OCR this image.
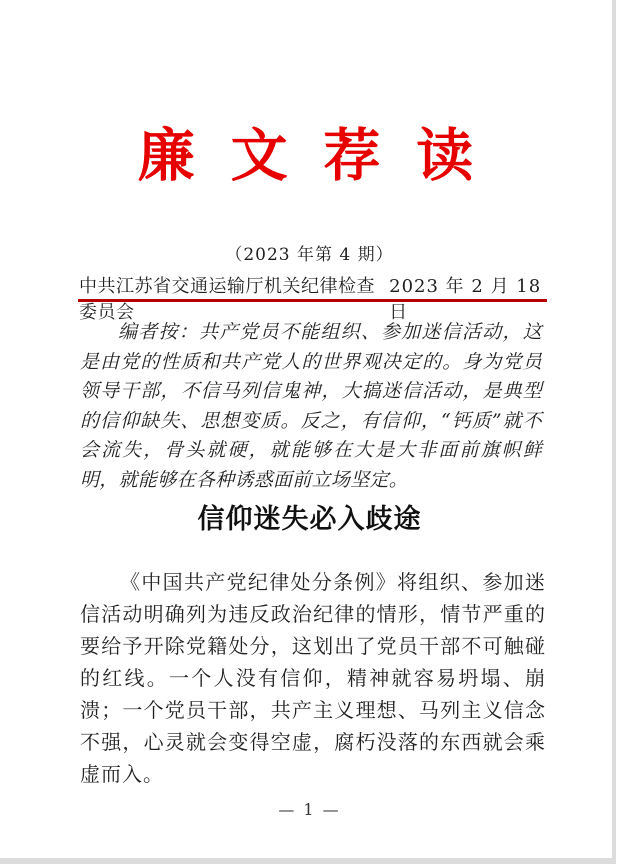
廉 文 荐 读
（2023 年第 4 期）
中共江苏省交通运输厅机关纪律检查委员会
2023 年 2 月 18 日

编者按：共产党员不能组织、参加迷信活动，这是由党的性质和共产党人的世界观决定的。身为党员领导干部，不信马列信鬼神，大搞迷信活动，是典型的信仰缺失、思想变质。反之，有信仰，“钙质”就不会流失，骨头就硬，就能够在大是大非面前旗帜鲜明，就能够在各种诱惑面前立场坚定。

信仰迷失必入歧途

《中国共产党纪律处分条例》将组织、参加迷信活动明确列为违反政治纪律的情形，情节严重的要给予开除党籍处分，这划出了党员干部不可触碰的红线。一个人没有信仰，精神就容易坍塌、崩溃；一个党员干部，共产主义理想、马列主义信念不强，心灵就会变得空虚，腐朽没落的东西就会乘虚而入。

— 1 —
